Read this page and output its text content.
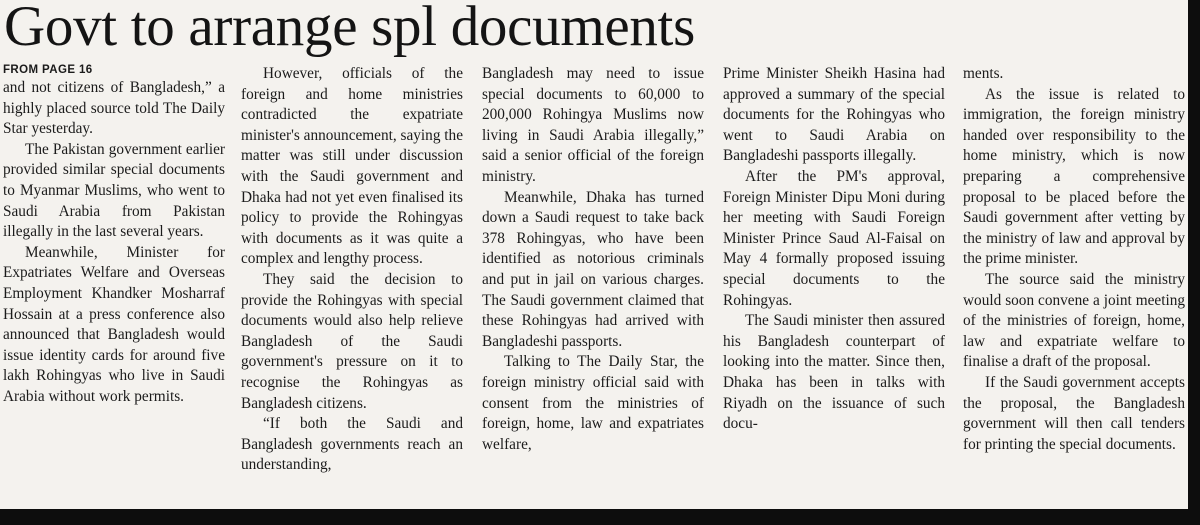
Govt to arrange spl documents
FROM PAGE 16

and not citizens of Bangladesh,” a highly placed source told The Daily Star yesterday.

The Pakistan government earlier provided similar special documents to Myanmar Muslims, who went to Saudi Arabia from Pakistan illegally in the last several years.

Meanwhile, Minister for Expatriates Welfare and Overseas Employment Khandker Mosharraf Hossain at a press conference also announced that Bangladesh would issue identity cards for around five lakh Rohingyas who live in Saudi Arabia without work permits.

However, officials of the foreign and home ministries contradicted the expatriate minister's announcement, saying the matter was still under discussion with the Saudi government and Dhaka had not yet even finalised its policy to provide the Rohingyas with documents as it was quite a complex and lengthy process.

They said the decision to provide the Rohingyas with special documents would also help relieve Bangladesh of the Saudi government's pressure on it to recognise the Rohingyas as Bangladesh citizens.

“If both the Saudi and Bangladesh governments reach an understanding,

Bangladesh may need to issue special documents to 60,000 to 200,000 Rohingya Muslims now living in Saudi Arabia illegally,” said a senior official of the foreign ministry.

Meanwhile, Dhaka has turned down a Saudi request to take back 378 Rohingyas, who have been identified as notorious criminals and put in jail on various charges. The Saudi government claimed that these Rohingyas had arrived with Bangladeshi passports.

Talking to The Daily Star, the foreign ministry official said with consent from the ministries of foreign, home, law and expatriates welfare,

Prime Minister Sheikh Hasina had approved a summary of the special documents for the Rohingyas who went to Saudi Arabia on Bangladeshi passports illegally.

After the PM's approval, Foreign Minister Dipu Moni during her meeting with Saudi Foreign Minister Prince Saud Al-Faisal on May 4 formally proposed issuing special documents to the Rohingyas.

The Saudi minister then assured his Bangladesh counterpart of looking into the matter. Since then, Dhaka has been in talks with Riyadh on the issuance of such docu-

ments.

As the issue is related to immigration, the foreign ministry handed over responsibility to the home ministry, which is now preparing a comprehensive proposal to be placed before the Saudi government after vetting by the ministry of law and approval by the prime minister.

The source said the ministry would soon convene a joint meeting of the ministries of foreign, home, law and expatriate welfare to finalise a draft of the proposal.

If the Saudi government accepts the proposal, the Bangladesh government will then call tenders for printing the special documents.
